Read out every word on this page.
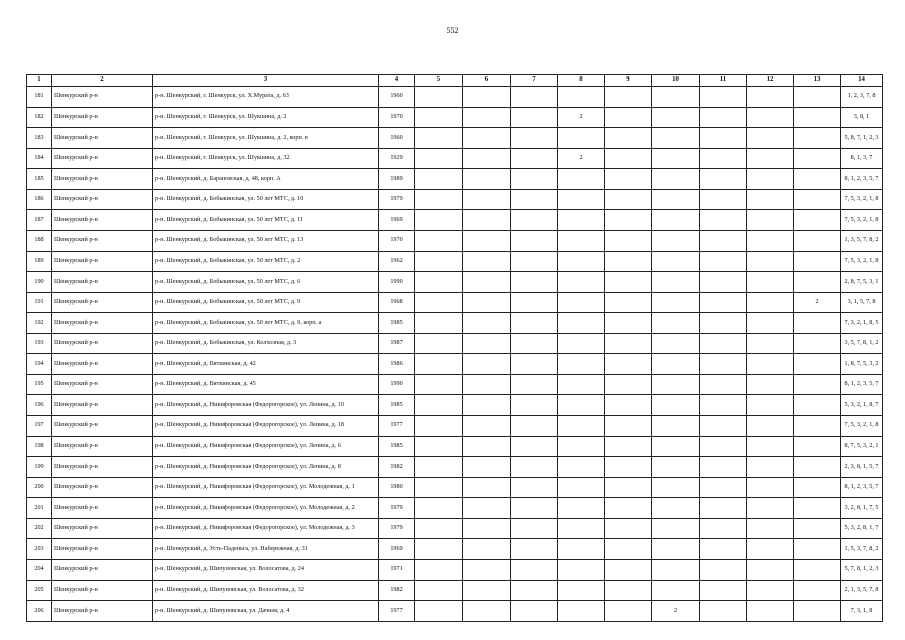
552
1	2	3	4	5	6	7	8	9	10	11	12	13	14
181	Шенкурский р-н	р-н. Шенкурский, г. Шенкурск, ул. Х.Мурата, д. 63	1960										1, 2, 3, 7, 8
182	Шенкурский р-н	р-н. Шенкурский, г. Шенкурск, ул. Шукшина, д. 2	1970				2						3, 8, 1
183	Шенкурский р-н	р-н. Шенкурский, г. Шенкурск, ул. Шукшина, д. 2, корп. в	1960										5, 8, 7, 1, 2, 3
184	Шенкурский р-н	р-н. Шенкурский, г. Шенкурск, ул. Шукшина, д. 32	1929				2						8, 1, 3, 7
185	Шенкурский р-н	р-н. Шенкурский, д. Барановская, д. 48, корп. А	1989										8, 1, 2, 3, 5, 7
186	Шенкурский р-н	р-н. Шенкурский, д. Бобыкинская, ул. 50 лет МТС, д. 10	1979										7, 5, 3, 2, 1, 8
187	Шенкурский р-н	р-н. Шенкурский, д. Бобыкинская, ул. 50 лет МТС, д. 11	1969										7, 5, 3, 2, 1, 8
188	Шенкурский р-н	р-н. Шенкурский, д. Бобыкинская, ул. 50 лет МТС, д. 13	1970										1, 3, 5, 7, 8, 2
189	Шенкурский р-н	р-н. Шенкурский, д. Бобыкинская, ул. 50 лет МТС, д. 2	1962										7, 5, 3, 2, 1, 8
190	Шенкурский р-н	р-н. Шенкурский, д. Бобыкинская, ул. 50 лет МТС, д. 6	1990										2, 8, 7, 5, 3, 1
191	Шенкурский р-н	р-н. Шенкурский, д. Бобыкинская, ул. 50 лет МТС, д. 9	1968									2	3, 1, 5, 7, 8
192	Шенкурский р-н	р-н. Шенкурский, д. Бобыкинская, ул. 50 лет МТС, д. 9, корп. а	1985										7, 3, 2, 1, 8, 5
193	Шенкурский р-н	р-н. Шенкурский, д. Бобыкинская, ул. Колхозная, д. 3	1987										3, 5, 7, 8, 1, 2
194	Шенкурский р-н	р-н. Шенкурский, д. Вяткинская, д. 42	1986										1, 8, 7, 5, 3, 2
195	Шенкурский р-н	р-н. Шенкурский, д. Вяткинская, д. 45	1990										8, 1, 2, 3, 5, 7
196	Шенкурский р-н	р-н. Шенкурский, д. Никифоровская (Федорогорское), ул. Ленина, д. 10	1985										5, 3, 2, 1, 8, 7
197	Шенкурский р-н	р-н. Шенкурский, д. Никифоровская (Федорогорское), ул. Ленина, д. 18	1977										7, 5, 3, 2, 1, 8
198	Шенкурский р-н	р-н. Шенкурский, д. Никифоровская (Федорогорское), ул. Ленина, д. 6	1985										8, 7, 5, 3, 2, 1
199	Шенкурский р-н	р-н. Шенкурский, д. Никифоровская (Федорогорское), ул. Ленина, д. 8	1982										2, 3, 8, 1, 5, 7
200	Шенкурский р-н	р-н. Шенкурский, д. Никифоровская (Федорогорское), ул. Молодежная, д. 1	1980										8, 1, 2, 3, 5, 7
201	Шенкурский р-н	р-н. Шенкурский, д. Никифоровская (Федорогорское), ул. Молодежная, д. 2	1979										3, 2, 8, 1, 7, 5
202	Шенкурский р-н	р-н. Шенкурский, д. Никифоровская (Федорогорское), ул. Молодежная, д. 3	1979										5, 3, 2, 8, 1, 7
203	Шенкурский р-н	р-н. Шенкурский, д. Усть-Паденьга, ул. Набережная, д. 31	1969										1, 5, 3, 7, 8, 2
204	Шенкурский р-н	р-н. Шенкурский, д. Шипуновская, ул. Волосатова, д. 24	1971										5, 7, 8, 1, 2, 3
205	Шенкурский р-н	р-н. Шенкурский, д. Шипуновская, ул. Волосатова, д. 32	1982										2, 1, 3, 5, 7, 8
206	Шенкурский р-н	р-н. Шенкурский, д. Шипуновская, ул. Дачная, д. 4	1977						2				7, 3, 1, 8
